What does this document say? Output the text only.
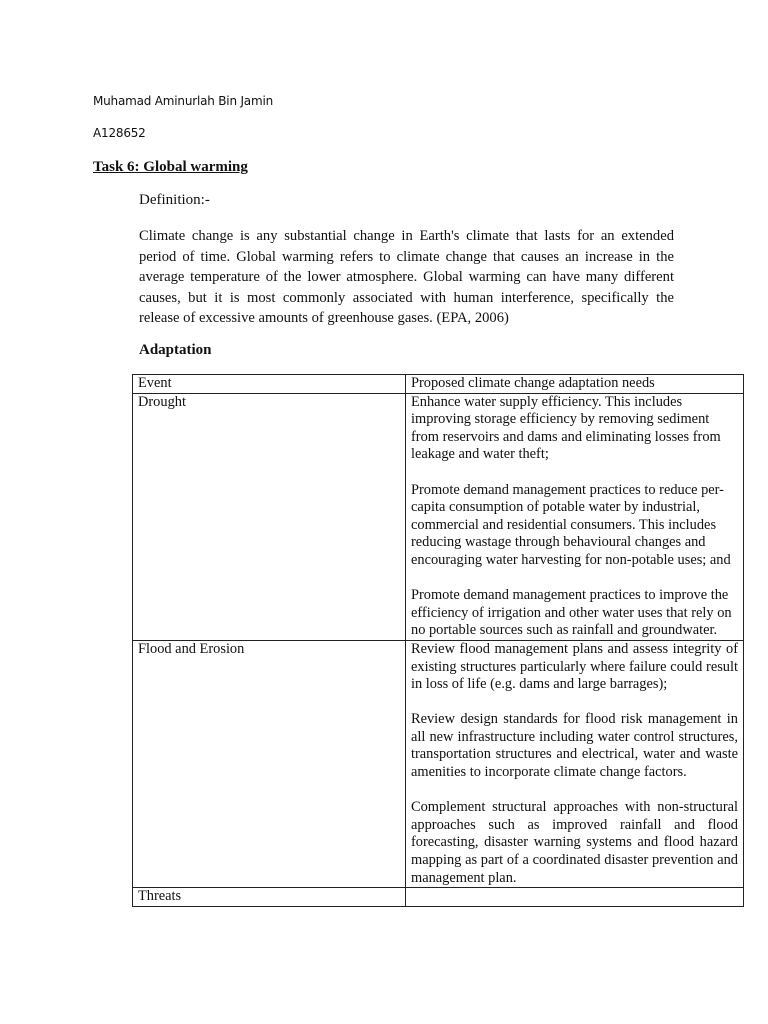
Muhamad Aminurlah Bin Jamin
A128652
Task 6: Global warming
Definition:-
Climate change is any substantial change in Earth's climate that lasts for an extended period of time. Global warming refers to climate change that causes an increase in the average temperature of the lower atmosphere. Global warming can have many different causes, but it is most commonly associated with human interference, specifically the release of excessive amounts of greenhouse gases. (EPA, 2006)
Adaptation
Event	Proposed climate change adaptation needs
Drought	Enhance water supply efficiency. This includes improving storage efficiency by removing sediment from reservoirs and dams and eliminating losses from leakage and water theft;
Promote demand management practices to reduce per-capita consumption of potable water by industrial, commercial and residential consumers. This includes reducing wastage through behavioural changes and encouraging water harvesting for non-potable uses; and
Promote demand management practices to improve the efficiency of irrigation and other water uses that rely on no portable sources such as rainfall and groundwater.

Flood and Erosion	Review flood management plans and assess integrity of existing structures particularly where failure could result in loss of life (e.g. dams and large barrages);
Review design standards for flood risk management in all new infrastructure including water control structures, transportation structures and electrical, water and waste amenities to incorporate climate change factors.
Complement structural approaches with non-structural approaches such as improved rainfall and flood forecasting, disaster warning systems and flood hazard mapping as part of a coordinated disaster prevention and management plan.

Threats	
